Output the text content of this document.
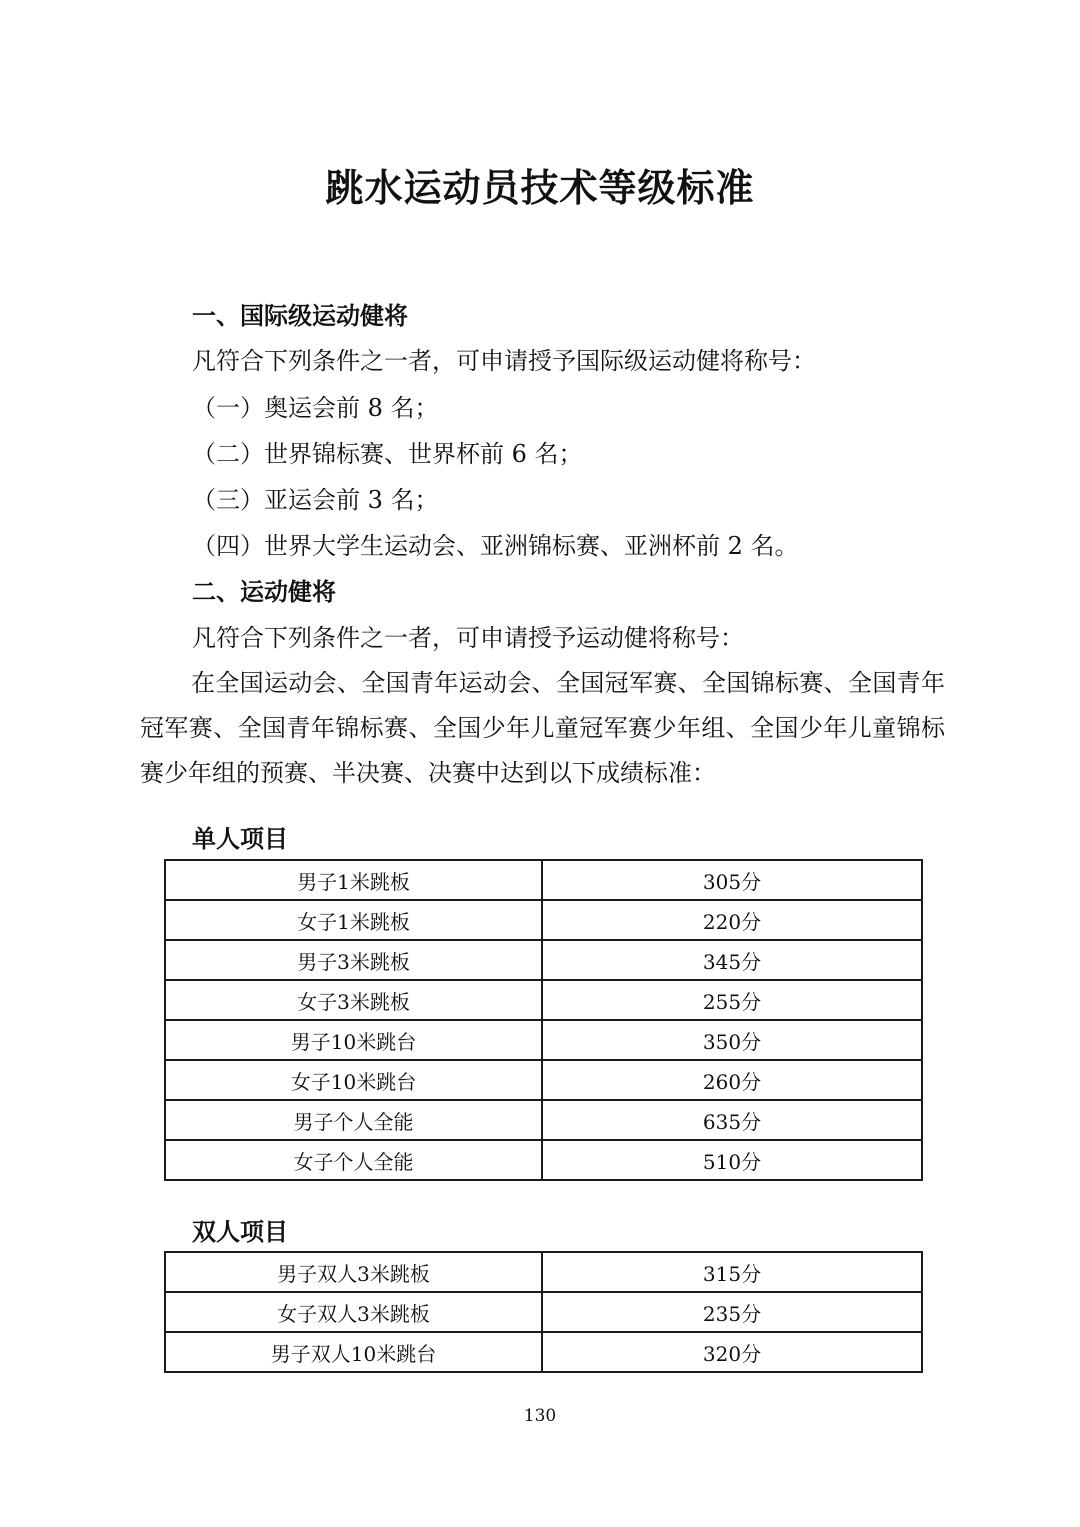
跳水运动员技术等级标准
一、国际级运动健将
凡符合下列条件之一者，可申请授予国际级运动健将称号：
（一）奥运会前 8 名；
（二）世界锦标赛、世界杯前 6 名；
（三）亚运会前 3 名；
（四）世界大学生运动会、亚洲锦标赛、亚洲杯前 2 名。
二、运动健将
凡符合下列条件之一者，可申请授予运动健将称号：
在全国运动会、全国青年运动会、全国冠军赛、全国锦标赛、全国青年冠军赛、全国青年锦标赛、全国少年儿童冠军赛少年组、全国少年儿童锦标赛少年组的预赛、半决赛、决赛中达到以下成绩标准：
单人项目
男子1米跳板	305分
女子1米跳板	220分
男子3米跳板	345分
女子3米跳板	255分
男子10米跳台	350分
女子10米跳台	260分
男子个人全能	635分
女子个人全能	510分
双人项目
男子双人3米跳板	315分
女子双人3米跳板	235分
男子双人10米跳台	320分
130
